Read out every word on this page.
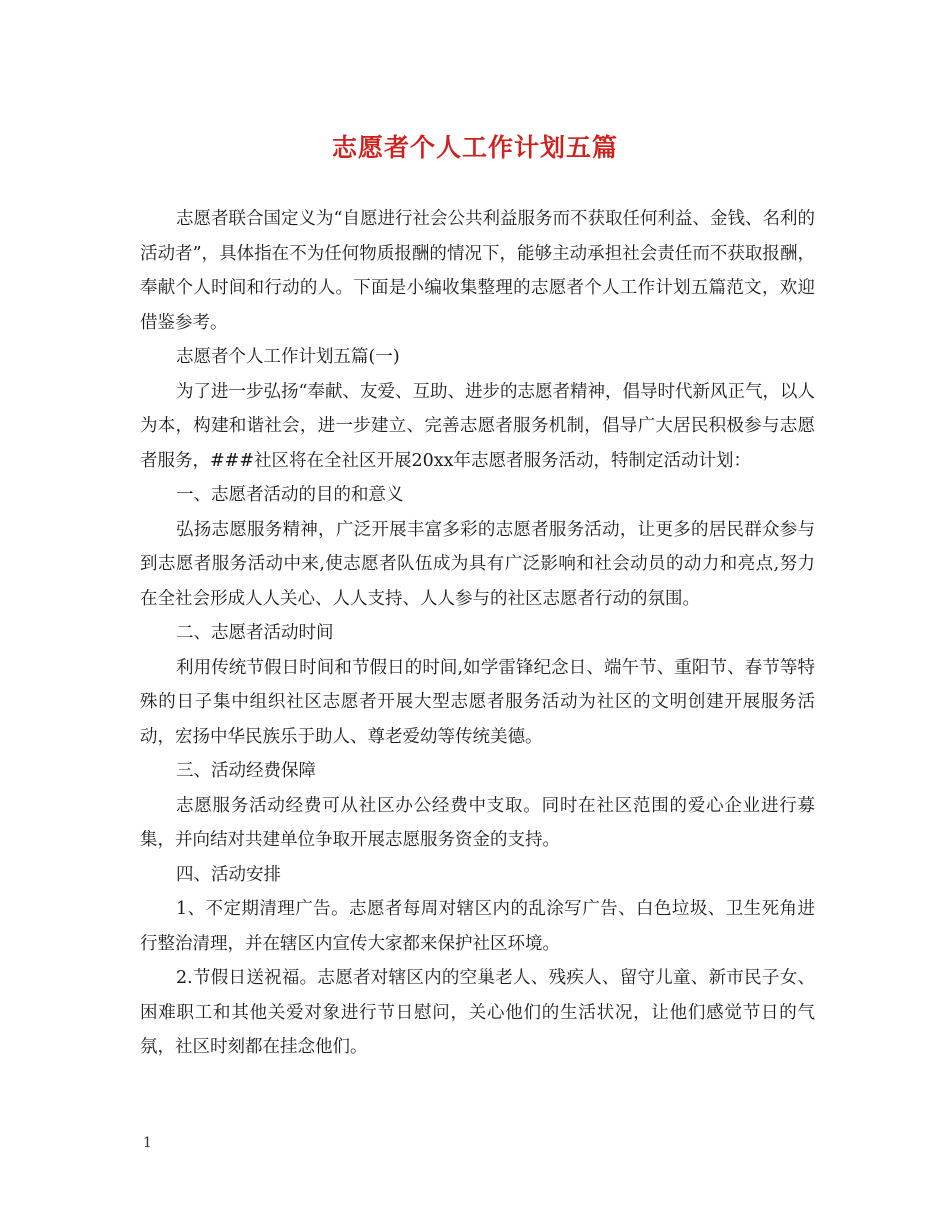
志愿者个人工作计划五篇

志愿者联合国定义为“自愿进行社会公共利益服务而不获取任何利益、金钱、名利的活动者”，具体指在不为任何物质报酬的情况下，能够主动承担社会责任而不获取报酬，奉献个人时间和行动的人。下面是小编收集整理的志愿者个人工作计划五篇范文，欢迎借鉴参考。

志愿者个人工作计划五篇(一)

为了进一步弘扬“奉献、友爱、互助、进步的志愿者精神，倡导时代新风正气，以人为本，构建和谐社会，进一步建立、完善志愿者服务机制，倡导广大居民积极参与志愿者服务，###社区将在全社区开展20xx年志愿者服务活动，特制定活动计划：

一、志愿者活动的目的和意义

弘扬志愿服务精神，广泛开展丰富多彩的志愿者服务活动，让更多的居民群众参与到志愿者服务活动中来,使志愿者队伍成为具有广泛影响和社会动员的动力和亮点,努力在全社会形成人人关心、人人支持、人人参与的社区志愿者行动的氛围。

二、志愿者活动时间

利用传统节假日时间和节假日的时间,如学雷锋纪念日、端午节、重阳节、春节等特殊的日子集中组织社区志愿者开展大型志愿者服务活动为社区的文明创建开展服务活动，宏扬中华民族乐于助人、尊老爱幼等传统美德。

三、活动经费保障

志愿服务活动经费可从社区办公经费中支取。同时在社区范围的爱心企业进行募集，并向结对共建单位争取开展志愿服务资金的支持。

四、活动安排

1、不定期清理广告。志愿者每周对辖区内的乱涂写广告、白色垃圾、卫生死角进行整治清理，并在辖区内宣传大家都来保护社区环境。

2.节假日送祝福。志愿者对辖区内的空巢老人、残疾人、留守儿童、新市民子女、困难职工和其他关爱对象进行节日慰问，关心他们的生活状况，让他们感觉节日的气氛，社区时刻都在挂念他们。

1
